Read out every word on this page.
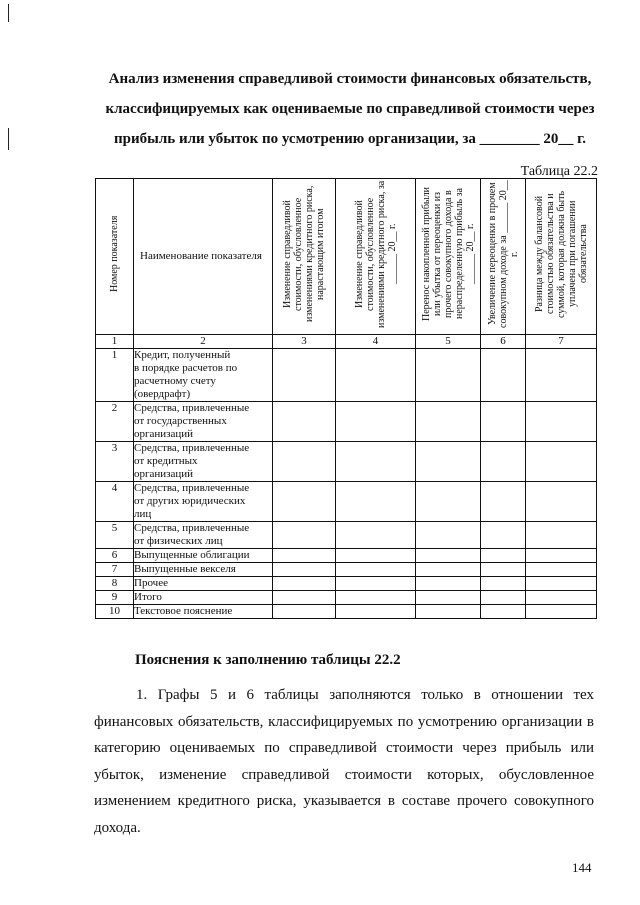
Анализ изменения справедливой стоимости финансовых обязательств,
классифицируемых как оцениваемые по справедливой стоимости через
прибыль или убыток по усмотрению организации, за ________ 20__ г.

Таблица 22.2

Номер показателя	Наименование показателя	Изменение справедливой стоимости, обусловленное изменениями кредитного риска, нарастающим итогом	Изменение справедливой стоимости, обусловленное изменениями кредитного риска, за ______ 20__ г.	Перенос накопленной прибыли или убытка от переоценки из прочего совокупного дохода в нераспределенную прибыль за ______ 20__ г.	Увеличение переоценки в прочем совокупном доходе за ______ 20__ г.	Разница между балансовой стоимостью обязательства и суммой, которая должна быть уплачена при погашении обязательства

1	2	3	4	5	6	7
1	Кредит, полученный
в порядке расчетов по
расчетному счету
(овердрафт)					
2	Средства, привлеченные
от государственных
организаций					
3	Средства, привлеченные
от кредитных
организаций					
4	Средства, привлеченные
от других юридических
лиц					
5	Средства, привлеченные
от физических лиц					
6	Выпущенные облигации					
7	Выпущенные векселя					
8	Прочее					
9	Итого					
10	Текстовое пояснение					

Пояснения к заполнению таблицы 22.2

1. Графы 5 и 6 таблицы заполняются только в отношении тех финансовых обязательств, классифицируемых по усмотрению организации в категорию оцениваемых по справедливой стоимости через прибыль или убыток, изменение справедливой стоимости которых, обусловленное изменением кредитного риска, указывается в составе прочего совокупного дохода.

144
